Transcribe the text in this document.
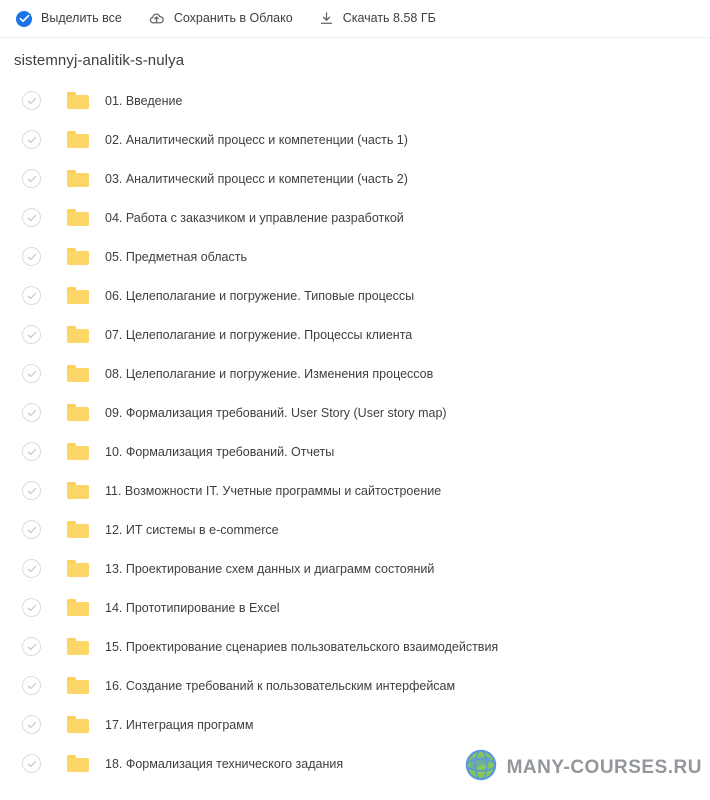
Выделить все	Сохранить в Облако	Скачать 8.58 ГБ
sistemnyj-analitik-s-nulya
01. Введение
02. Аналитический процесс и компетенции (часть 1)
03. Аналитический процесс и компетенции (часть 2)
04. Работа с заказчиком и управление разработкой
05. Предметная область
06. Целеполагание и погружение. Типовые процессы
07. Целеполагание и погружение. Процессы клиента
08. Целеполагание и погружение. Изменения процессов
09. Формализация требований. User Story (User story map)
10. Формализация требований. Отчеты
11. Возможности IT. Учетные программы и сайтостроение
12. ИТ системы в e-commerce
13. Проектирование схем данных и диаграмм состояний
14. Прототипирование в Excel
15. Проектирование сценариев пользовательского взаимодействия
16. Создание требований к пользовательским интерфейсам
17. Интеграция программ
18. Формализация технического задания	MANY-COURSES.RU
